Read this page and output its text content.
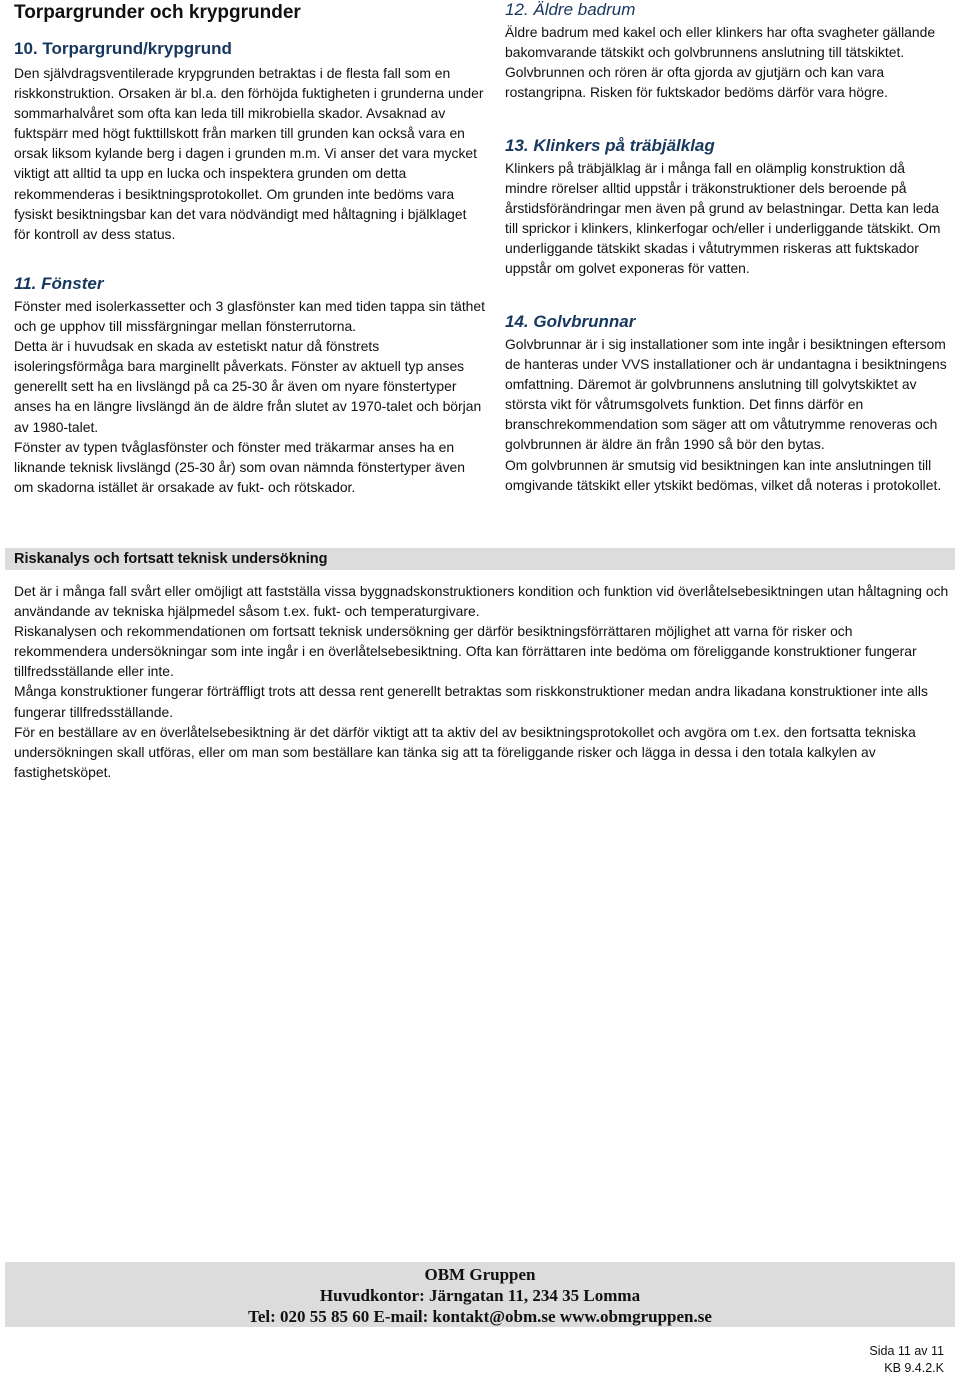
Torpargrunder och krypgrunder
10. Torpargrund/krypgrund

Den självdragsventilerade krypgrunden betraktas i de flesta fall som en riskkonstruktion. Orsaken är bl.a. den förhöjda fuktigheten i grunderna under sommarhalvåret som ofta kan leda till mikrobiella skador. Avsaknad av fuktspärr med högt fukttillskott från marken till grunden kan också vara en orsak liksom kylande berg i dagen i grunden m.m. Vi anser det vara mycket viktigt att alltid ta upp en lucka och inspektera grunden om detta rekommenderas i besiktningsprotokollet. Om grunden inte bedöms vara fysiskt besiktningsbar kan det vara nödvändigt med håltagning i bjälklaget för kontroll av dess status.

11. Fönster

Fönster med isolerkassetter och 3 glasfönster kan med tiden tappa sin täthet och ge upphov till missfärgningar mellan fönsterrutorna.

Detta är i huvudsak en skada av estetiskt natur då fönstrets isoleringsförmåga bara marginellt påverkats. Fönster av aktuell typ anses generellt sett ha en livslängd på ca 25-30 år även om nyare fönstertyper anses ha en längre livslängd än de äldre från slutet av 1970-talet och början av 1980-talet.

Fönster av typen tvåglasfönster och fönster med träkarmar anses ha en liknande teknisk livslängd (25-30 år) som ovan nämnda fönstertyper även om skadorna istället är orsakade av fukt- och rötskador.

12. Äldre badrum

Äldre badrum med kakel och eller klinkers har ofta svagheter gällande bakomvarande tätskikt och golvbrunnens anslutning till tätskiktet. Golvbrunnen och rören är ofta gjorda av gjutjärn och kan vara rostangripna. Risken för fuktskador bedöms därför vara högre.

13. Klinkers på träbjälklag

Klinkers på träbjälklag är i många fall en olämplig konstruktion då mindre rörelser alltid uppstår i träkonstruktioner dels beroende på årstidsförändringar men även på grund av belastningar. Detta kan leda till sprickor i klinkers, klinkerfogar och/eller i underliggande tätskikt. Om underliggande tätskikt skadas i våtutrymmen riskeras att fuktskador uppstår om golvet exponeras för vatten.

14. Golvbrunnar

Golvbrunnar är i sig installationer som inte ingår i besiktningen eftersom de hanteras under VVS installationer och är undantagna i besiktningens omfattning. Däremot är golvbrunnens anslutning till golvytskiktet av största vikt för våtrumsgolvets funktion. Det finns därför en branschrekommendation som säger att om våtutrymme renoveras och golvbrunnen är äldre än från 1990 så bör den bytas.

Om golvbrunnen är smutsig vid besiktningen kan inte anslutningen till omgivande tätskikt eller ytskikt bedömas, vilket då noteras i protokollet.

Riskanalys och fortsatt teknisk undersökning

Det är i många fall svårt eller omöjligt att fastställa vissa byggnadskonstruktioners kondition och funktion vid överlåtelsebesiktningen utan håltagning och användande av tekniska hjälpmedel såsom t.ex. fukt- och temperaturgivare.

Riskanalysen och rekommendationen om fortsatt teknisk undersökning ger därför besiktningsförrättaren möjlighet att varna för risker och rekommendera undersökningar som inte ingår i en överlåtelsebesiktning. Ofta kan förrättaren inte bedöma om föreliggande konstruktioner fungerar tillfredsställande eller inte.

Många konstruktioner fungerar förträffligt trots att dessa rent generellt betraktas som riskkonstruktioner medan andra likadana konstruktioner inte alls fungerar tillfredsställande.

För en beställare av en överlåtelsebesiktning är det därför viktigt att ta aktiv del av besiktningsprotokollet och avgöra om t.ex. den fortsatta tekniska undersökningen skall utföras, eller om man som beställare kan tänka sig att ta föreliggande risker och lägga in dessa i den totala kalkylen av fastighetsköpet.

OBM Gruppen
Huvudkontor: Järngatan 11, 234 35 Lomma
Tel: 020 55 85 60 E-mail: kontakt@obm.se www.obmgruppen.se
Sida 11 av 11
KB 9.4.2.K
